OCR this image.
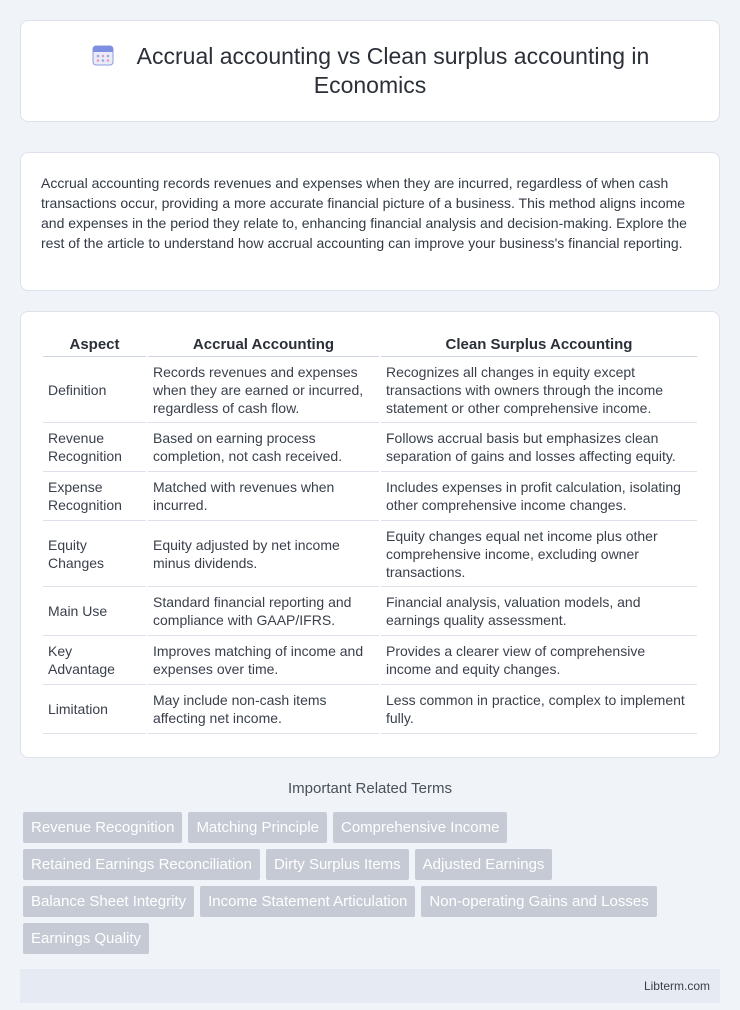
Accrual accounting vs Clean surplus accounting in Economics

Accrual accounting records revenues and expenses when they are incurred, regardless of when cash transactions occur, providing a more accurate financial picture of a business. This method aligns income and expenses in the period they relate to, enhancing financial analysis and decision-making. Explore the rest of the article to understand how accrual accounting can improve your business's financial reporting.

Aspect	Accrual Accounting	Clean Surplus Accounting
Definition	Records revenues and expenses when they are earned or incurred, regardless of cash flow.	Recognizes all changes in equity except transactions with owners through the income statement or other comprehensive income.
Revenue Recognition	Based on earning process completion, not cash received.	Follows accrual basis but emphasizes clean separation of gains and losses affecting equity.
Expense Recognition	Matched with revenues when incurred.	Includes expenses in profit calculation, isolating other comprehensive income changes.
Equity Changes	Equity adjusted by net income minus dividends.	Equity changes equal net income plus other comprehensive income, excluding owner transactions.
Main Use	Standard financial reporting and compliance with GAAP/IFRS.	Financial analysis, valuation models, and earnings quality assessment.
Key Advantage	Improves matching of income and expenses over time.	Provides a clearer view of comprehensive income and equity changes.
Limitation	May include non-cash items affecting net income.	Less common in practice, complex to implement fully.
Important Related Terms
Revenue Recognition	Matching Principle	Comprehensive Income
Retained Earnings Reconciliation	Dirty Surplus Items	Adjusted Earnings
Balance Sheet Integrity	Income Statement Articulation	Non-operating Gains and Losses
Earnings Quality
Libterm.com
